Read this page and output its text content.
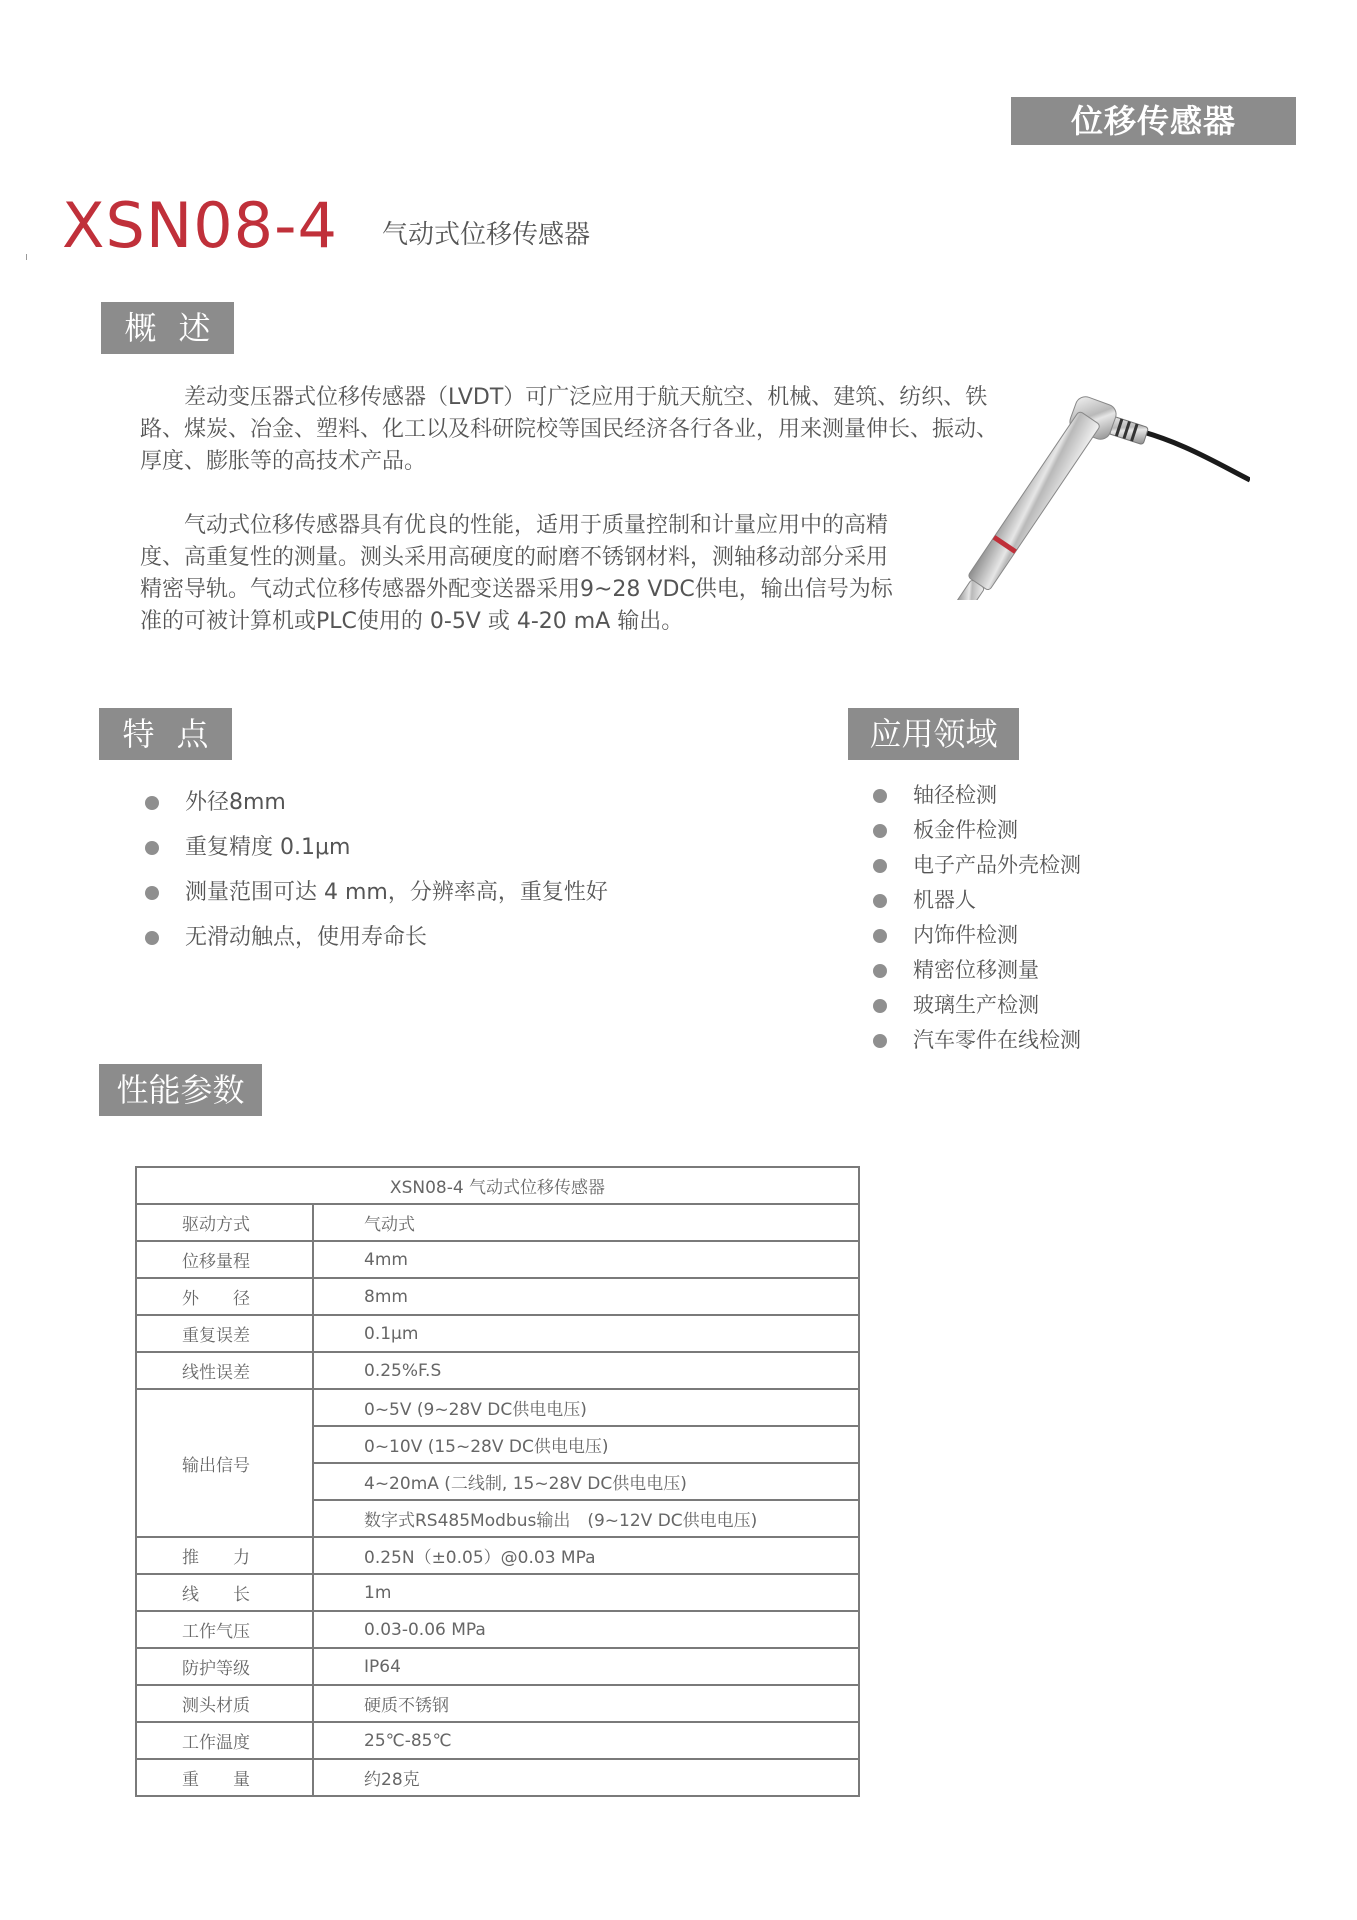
位移传感器
XSN08-4 气动式位移传感器
概述

差动变压器式位移传感器（LVDT）可广泛应用于航天航空、机械、建筑、纺织、铁路、煤炭、冶金、塑料、化工以及科研院校等国民经济各行各业，用来测量伸长、振动、厚度、膨胀等的高技术产品。

气动式位移传感器具有优良的性能，适用于质量控制和计量应用中的高精度、高重复性的测量。测头采用高硬度的耐磨不锈钢材料，测轴移动部分采用精密导轨。气动式位移传感器外配变送器采用9~28 VDC供电，输出信号为标准的可被计算机或PLC使用的 0-5V 或 4-20 mA 输出。

特点	应用领域
外径8mm
重复精度 0.1μm
测量范围可达 4 mm，分辨率高，重复性好
无滑动触点，使用寿命长
轴径检测
板金件检测
电子产品外壳检测
机器人
内饰件检测
精密位移测量
玻璃生产检测
汽车零件在线检测
性能参数
XSN08-4 气动式位移传感器	
驱动方式	气动式
位移量程	4mm
外　　径	8mm
重复误差	0.1μm
线性误差	0.25%F.S
输出信号	0~5V (9~28V DC供电电压)
	0~10V (15~28V DC供电电压)
	4~20mA (二线制, 15~28V DC供电电压)
	数字式RS485Modbus输出　(9~12V DC供电电压)
推　　力	0.25N（±0.05）@0.03 MPa
线　　长	1m
工作气压	0.03-0.06 MPa
防护等级	IP64
测头材质	硬质不锈钢
工作温度	25℃-85℃
重　　量	约28克
